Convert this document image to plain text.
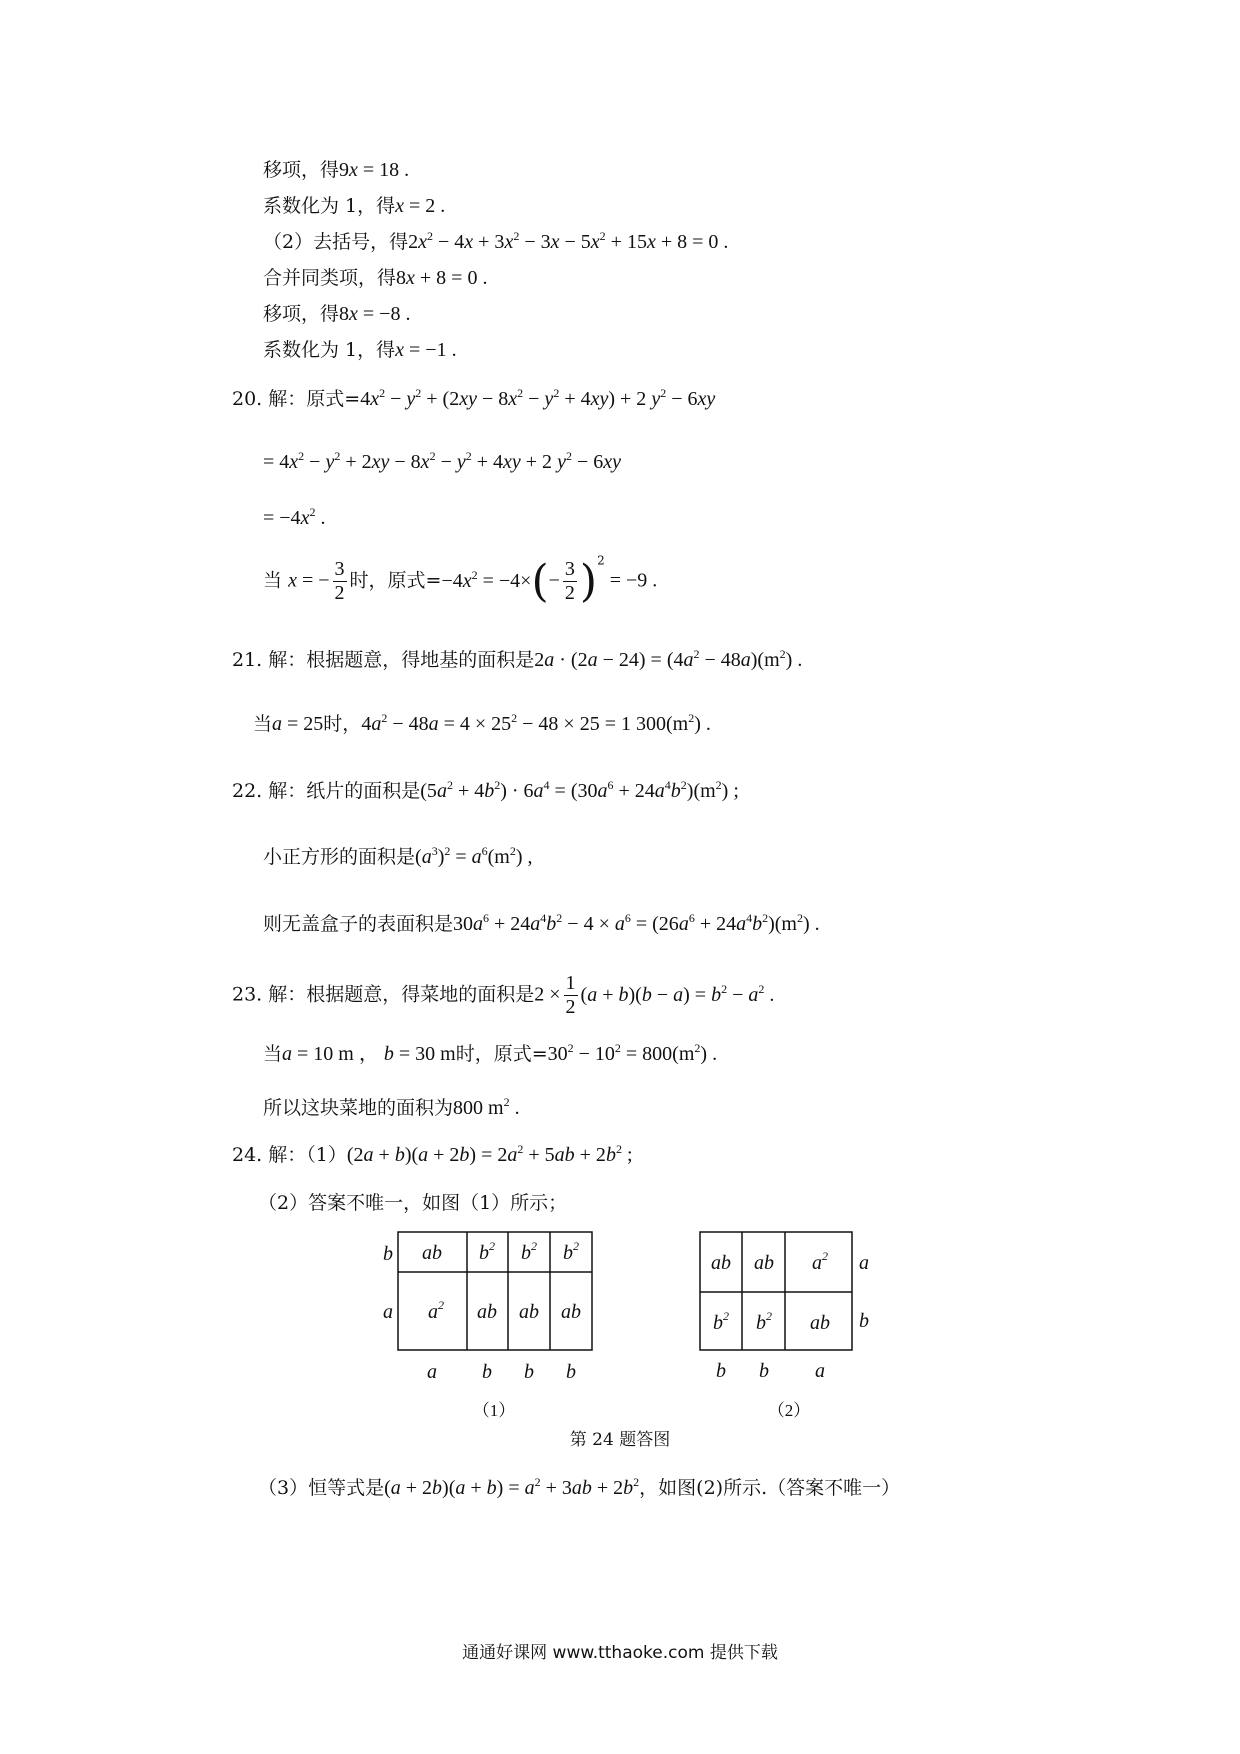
移项，得9x = 18 .
系数化为 1，得x = 2 .
（2）去括号，得$2x^2 - 4x + 3x^2 - 3x - 5x^2 + 15x + 8 = 0$ .
合并同类项，得8x + 8 = 0 .
移项，得8x = −8 .
系数化为 1，得x = −1 .
20. 解：原式$=4x^2 - y^2 + (2xy - 8x^2 - y^2 + 4xy) + 2$ $y^2 - 6xy$
= $4x^2 - y^2 + 2xy - 8x^2 - y^2 + 4xy + 2$ $y^2 - 6xy$
= $-4x^2$ .
当 x = − $\frac{3}{2}$ 时，原式$=-4x^2 = -4\times(- \frac{3}{2} )^2 = -9$ .
21. 解：根据题意，得地基的面积是$2a \cdot (2a - 24) = (4a^2 - 48a)(m^2)$ .
当a = 25时，$4a^2 - 48a = 4 \times 25^2 - 48 \times 25 = 1$ $300(m^2)$ .
22. 解：纸片的面积是$(5a^2 + 4b^2) \cdot 6a^4 = (30a^6 + 24a^4b^2)(m^2)$ ;
小正方形的面积是$(a^3)^2 = a^6(m^2)$ ,
则无盖盒子的表面积是$30a^6 + 24a^4b^2 - 4 \times a^6 = (26a^6 + 24a^4b^2)(m^2)$ .
23. 解：根据题意，得菜地的面积是$2 \times \frac{1}{2} (a + b)(b - a) = b^2 - a^2$ .
当a = 10 m ， b = 30 m时，原式$=30^2 - 10^2 = 800(m^2)$ .
所以这块菜地的面积为800 $m^2$ .
24. 解：$(1)(2a + b)(a + 2b) = 2a^2 + 5ab + 2b^2$ ;
（2）答案不唯一，如图（1）所示；
ab $b^2$ $b^2$ $b^2$
$a^2$ ab ab ab
b
a
a b b b
（1）
ab ab $a^2$
$b^2$ $b^2$ ab
a
b
b b a
（2）
第 24 题答图
（3）恒等式是$(a + 2b)(a + b) = a^2 + 3ab + 2b^2$，如图(2)所示.（答案不唯一）
通通好课网 www.tthaoke.com 提供下载
